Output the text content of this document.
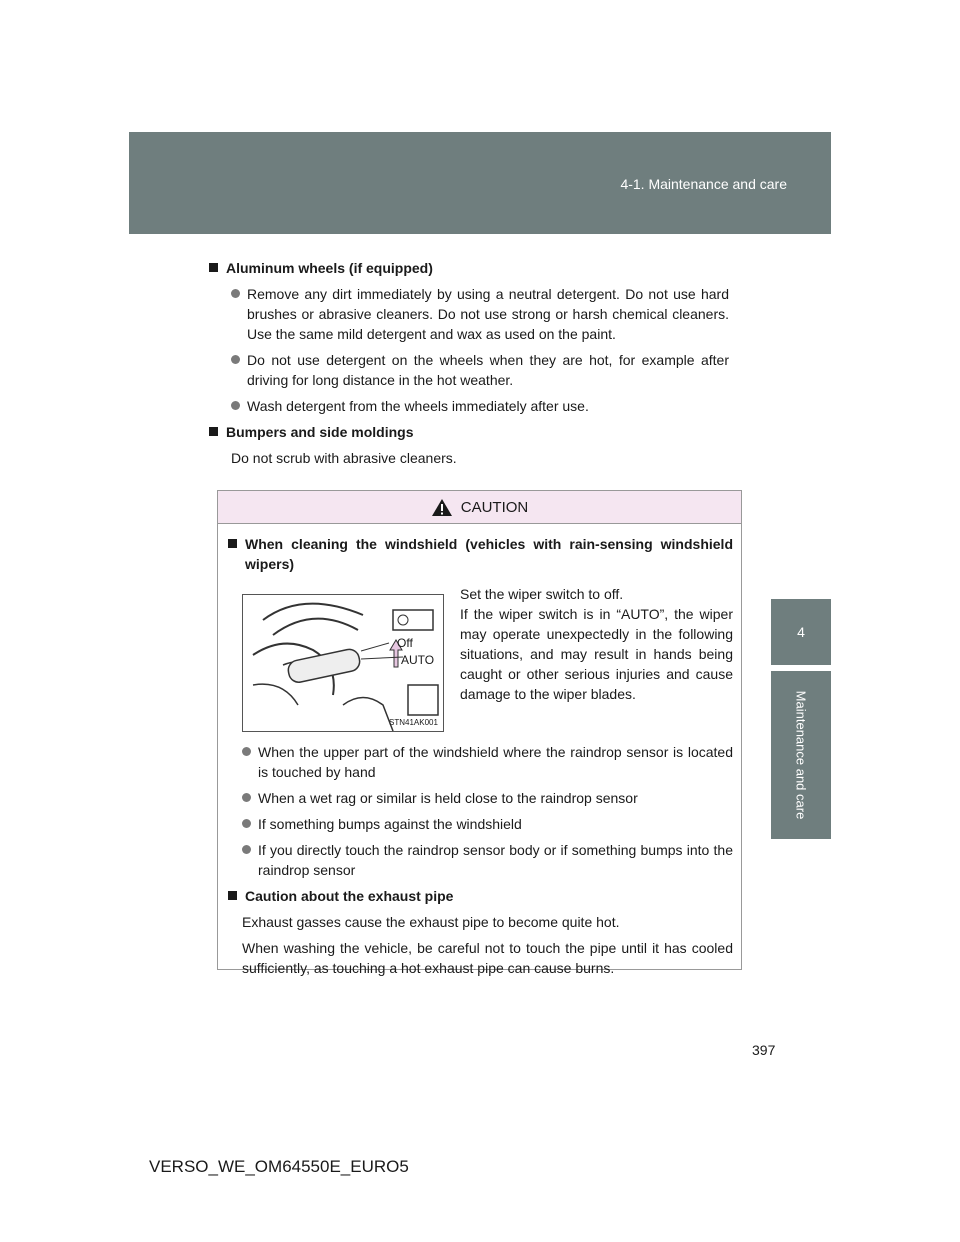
4-1. Maintenance and care
4
Maintenance and care
Aluminum wheels (if equipped)
Remove any dirt immediately by using a neutral detergent. Do not use hard brushes or abrasive cleaners. Do not use strong or harsh chemical cleaners. Use the same mild detergent and wax as used on the paint.
Do not use detergent on the wheels when they are hot, for example after driving for long distance in the hot weather.
Wash detergent from the wheels immediately after use.
Bumpers and side moldings
Do not scrub with abrasive cleaners.
CAUTION
When cleaning the windshield (vehicles with rain-sensing windshield wipers)
Off
AUTO
STN41AK001

Set the wiper switch to off.

If the wiper switch is in “AUTO”, the wiper may operate unexpectedly in the following situations, and may result in hands being caught or other serious injuries and cause damage to the wiper blades.

When the upper part of the windshield where the raindrop sensor is located is touched by hand
When a wet rag or similar is held close to the raindrop sensor
If something bumps against the windshield
If you directly touch the raindrop sensor body or if something bumps into the raindrop sensor
Caution about the exhaust pipe
Exhaust gasses cause the exhaust pipe to become quite hot.
When washing the vehicle, be careful not to touch the pipe until it has cooled sufficiently, as touching a hot exhaust pipe can cause burns.
397
VERSO_WE_OM64550E_EURO5
